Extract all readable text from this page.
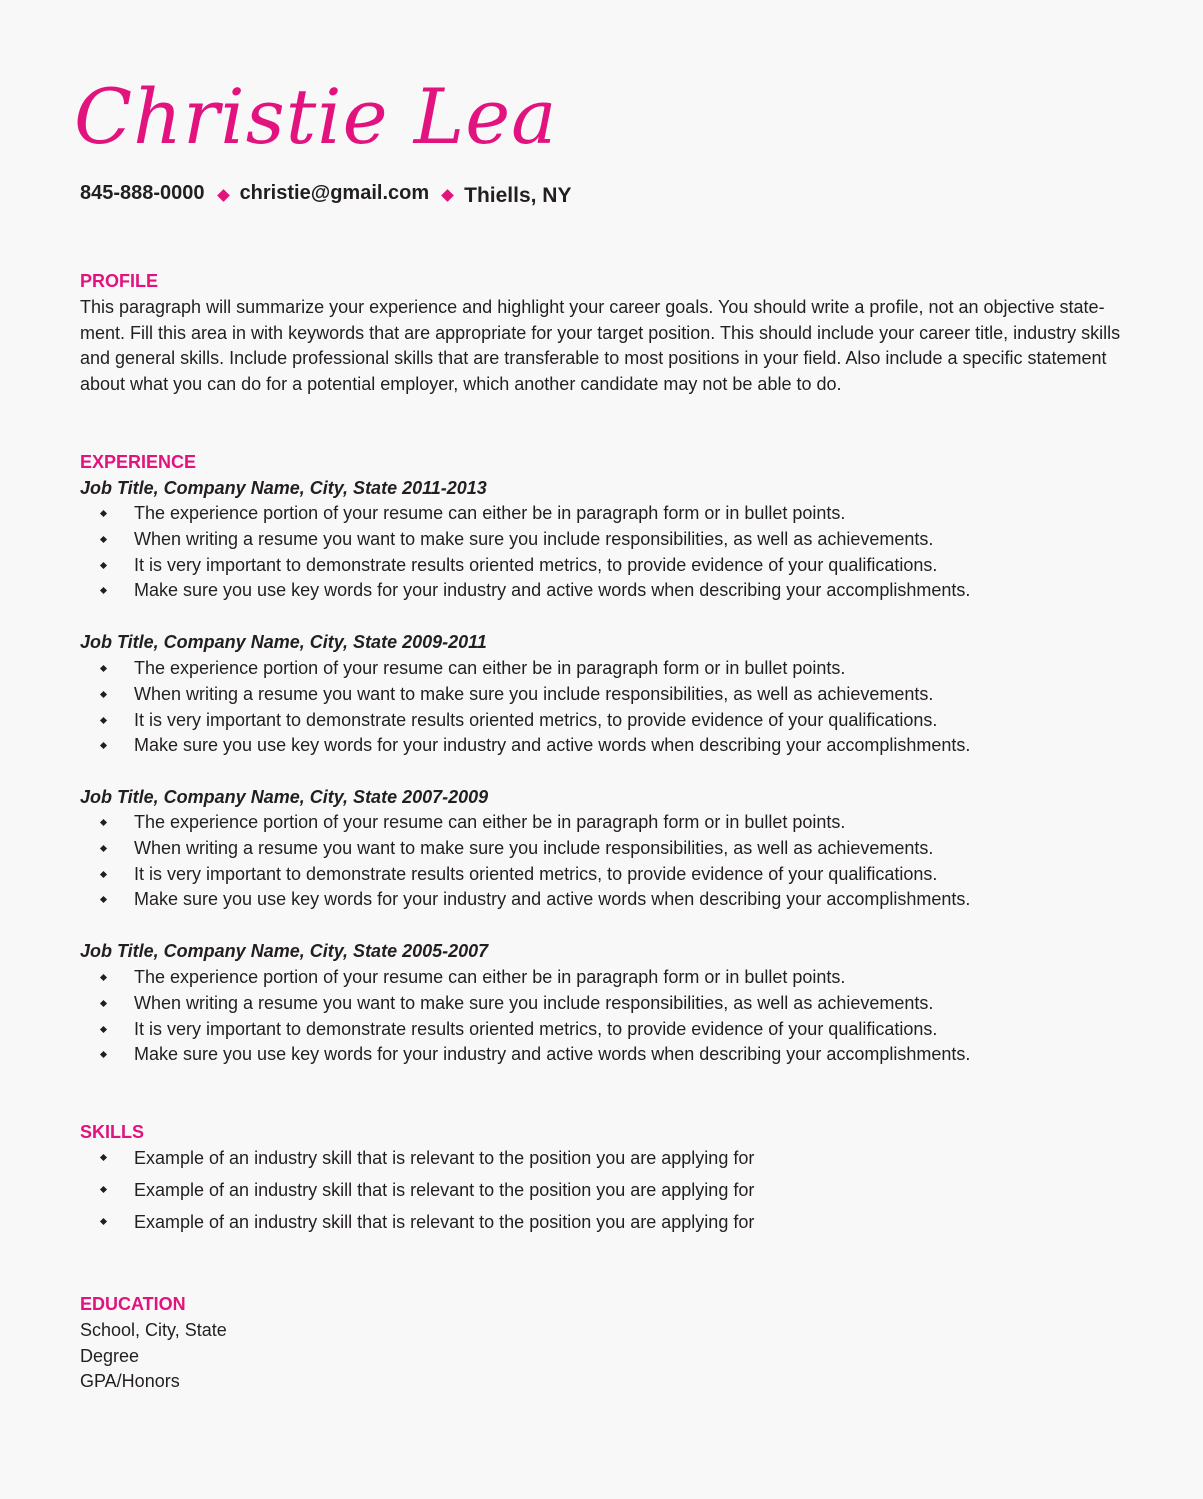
Christie Lea
845-888-0000 christie@gmail.com Thiells, NY
PROFILE

This paragraph will summarize your experience and highlight your career goals. You should write a profile, not an objective state- ment. Fill this area in with keywords that are appropriate for your target position. This should include your career title, industry skills and general skills. Include professional skills that are transferable to most positions in your field. Also include a specific statement about what you can do for a potential employer, which another candidate may not be able to do.

EXPERIENCE
Job Title, Company Name, City, State 2011-2013
The experience portion of your resume can either be in paragraph form or in bullet points.
When writing a resume you want to make sure you include responsibilities, as well as achievements.
It is very important to demonstrate results oriented metrics, to provide evidence of your qualifications.
Make sure you use key words for your industry and active words when describing your accomplishments.
Job Title, Company Name, City, State 2009-2011
The experience portion of your resume can either be in paragraph form or in bullet points.
When writing a resume you want to make sure you include responsibilities, as well as achievements.
It is very important to demonstrate results oriented metrics, to provide evidence of your qualifications.
Make sure you use key words for your industry and active words when describing your accomplishments.
Job Title, Company Name, City, State 2007-2009
The experience portion of your resume can either be in paragraph form or in bullet points.
When writing a resume you want to make sure you include responsibilities, as well as achievements.
It is very important to demonstrate results oriented metrics, to provide evidence of your qualifications.
Make sure you use key words for your industry and active words when describing your accomplishments.
Job Title, Company Name, City, State 2005-2007
The experience portion of your resume can either be in paragraph form or in bullet points.
When writing a resume you want to make sure you include responsibilities, as well as achievements.
It is very important to demonstrate results oriented metrics, to provide evidence of your qualifications.
Make sure you use key words for your industry and active words when describing your accomplishments.
SKILLS
Example of an industry skill that is relevant to the position you are applying for
Example of an industry skill that is relevant to the position you are applying for
Example of an industry skill that is relevant to the position you are applying for
EDUCATION
School, City, State
Degree
GPA/Honors
